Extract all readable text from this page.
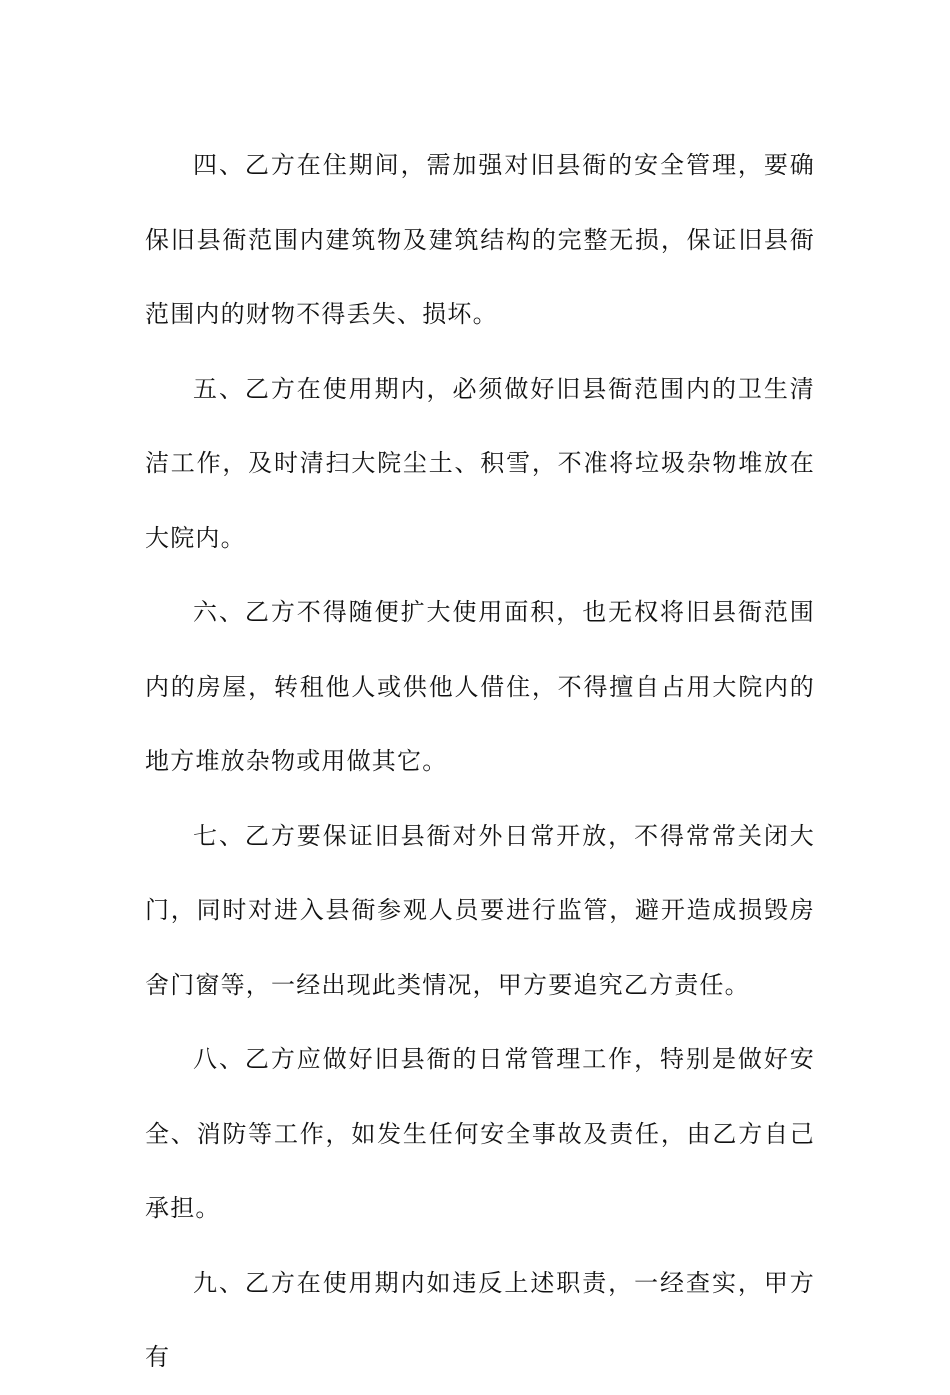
四、乙方在住期间，需加强对旧县衙的安全管理，要确保旧县衙范围内建筑物及建筑结构的完整无损，保证旧县衙范围内的财物不得丢失、损坏。

五、乙方在使用期内，必须做好旧县衙范围内的卫生清洁工作，及时清扫大院尘土、积雪，不准将垃圾杂物堆放在大院内。

六、乙方不得随便扩大使用面积，也无权将旧县衙范围内的房屋，转租他人或供他人借住，不得擅自占用大院内的地方堆放杂物或用做其它。

七、乙方要保证旧县衙对外日常开放，不得常常关闭大门，同时对进入县衙参观人员要进行监管，避开造成损毁房舍门窗等，一经出现此类情况，甲方要追究乙方责任。

八、乙方应做好旧县衙的日常管理工作，特别是做好安全、消防等工作，如发生任何安全事故及责任，由乙方自己承担。

九、乙方在使用期内如违反上述职责，一经查实，甲方有
